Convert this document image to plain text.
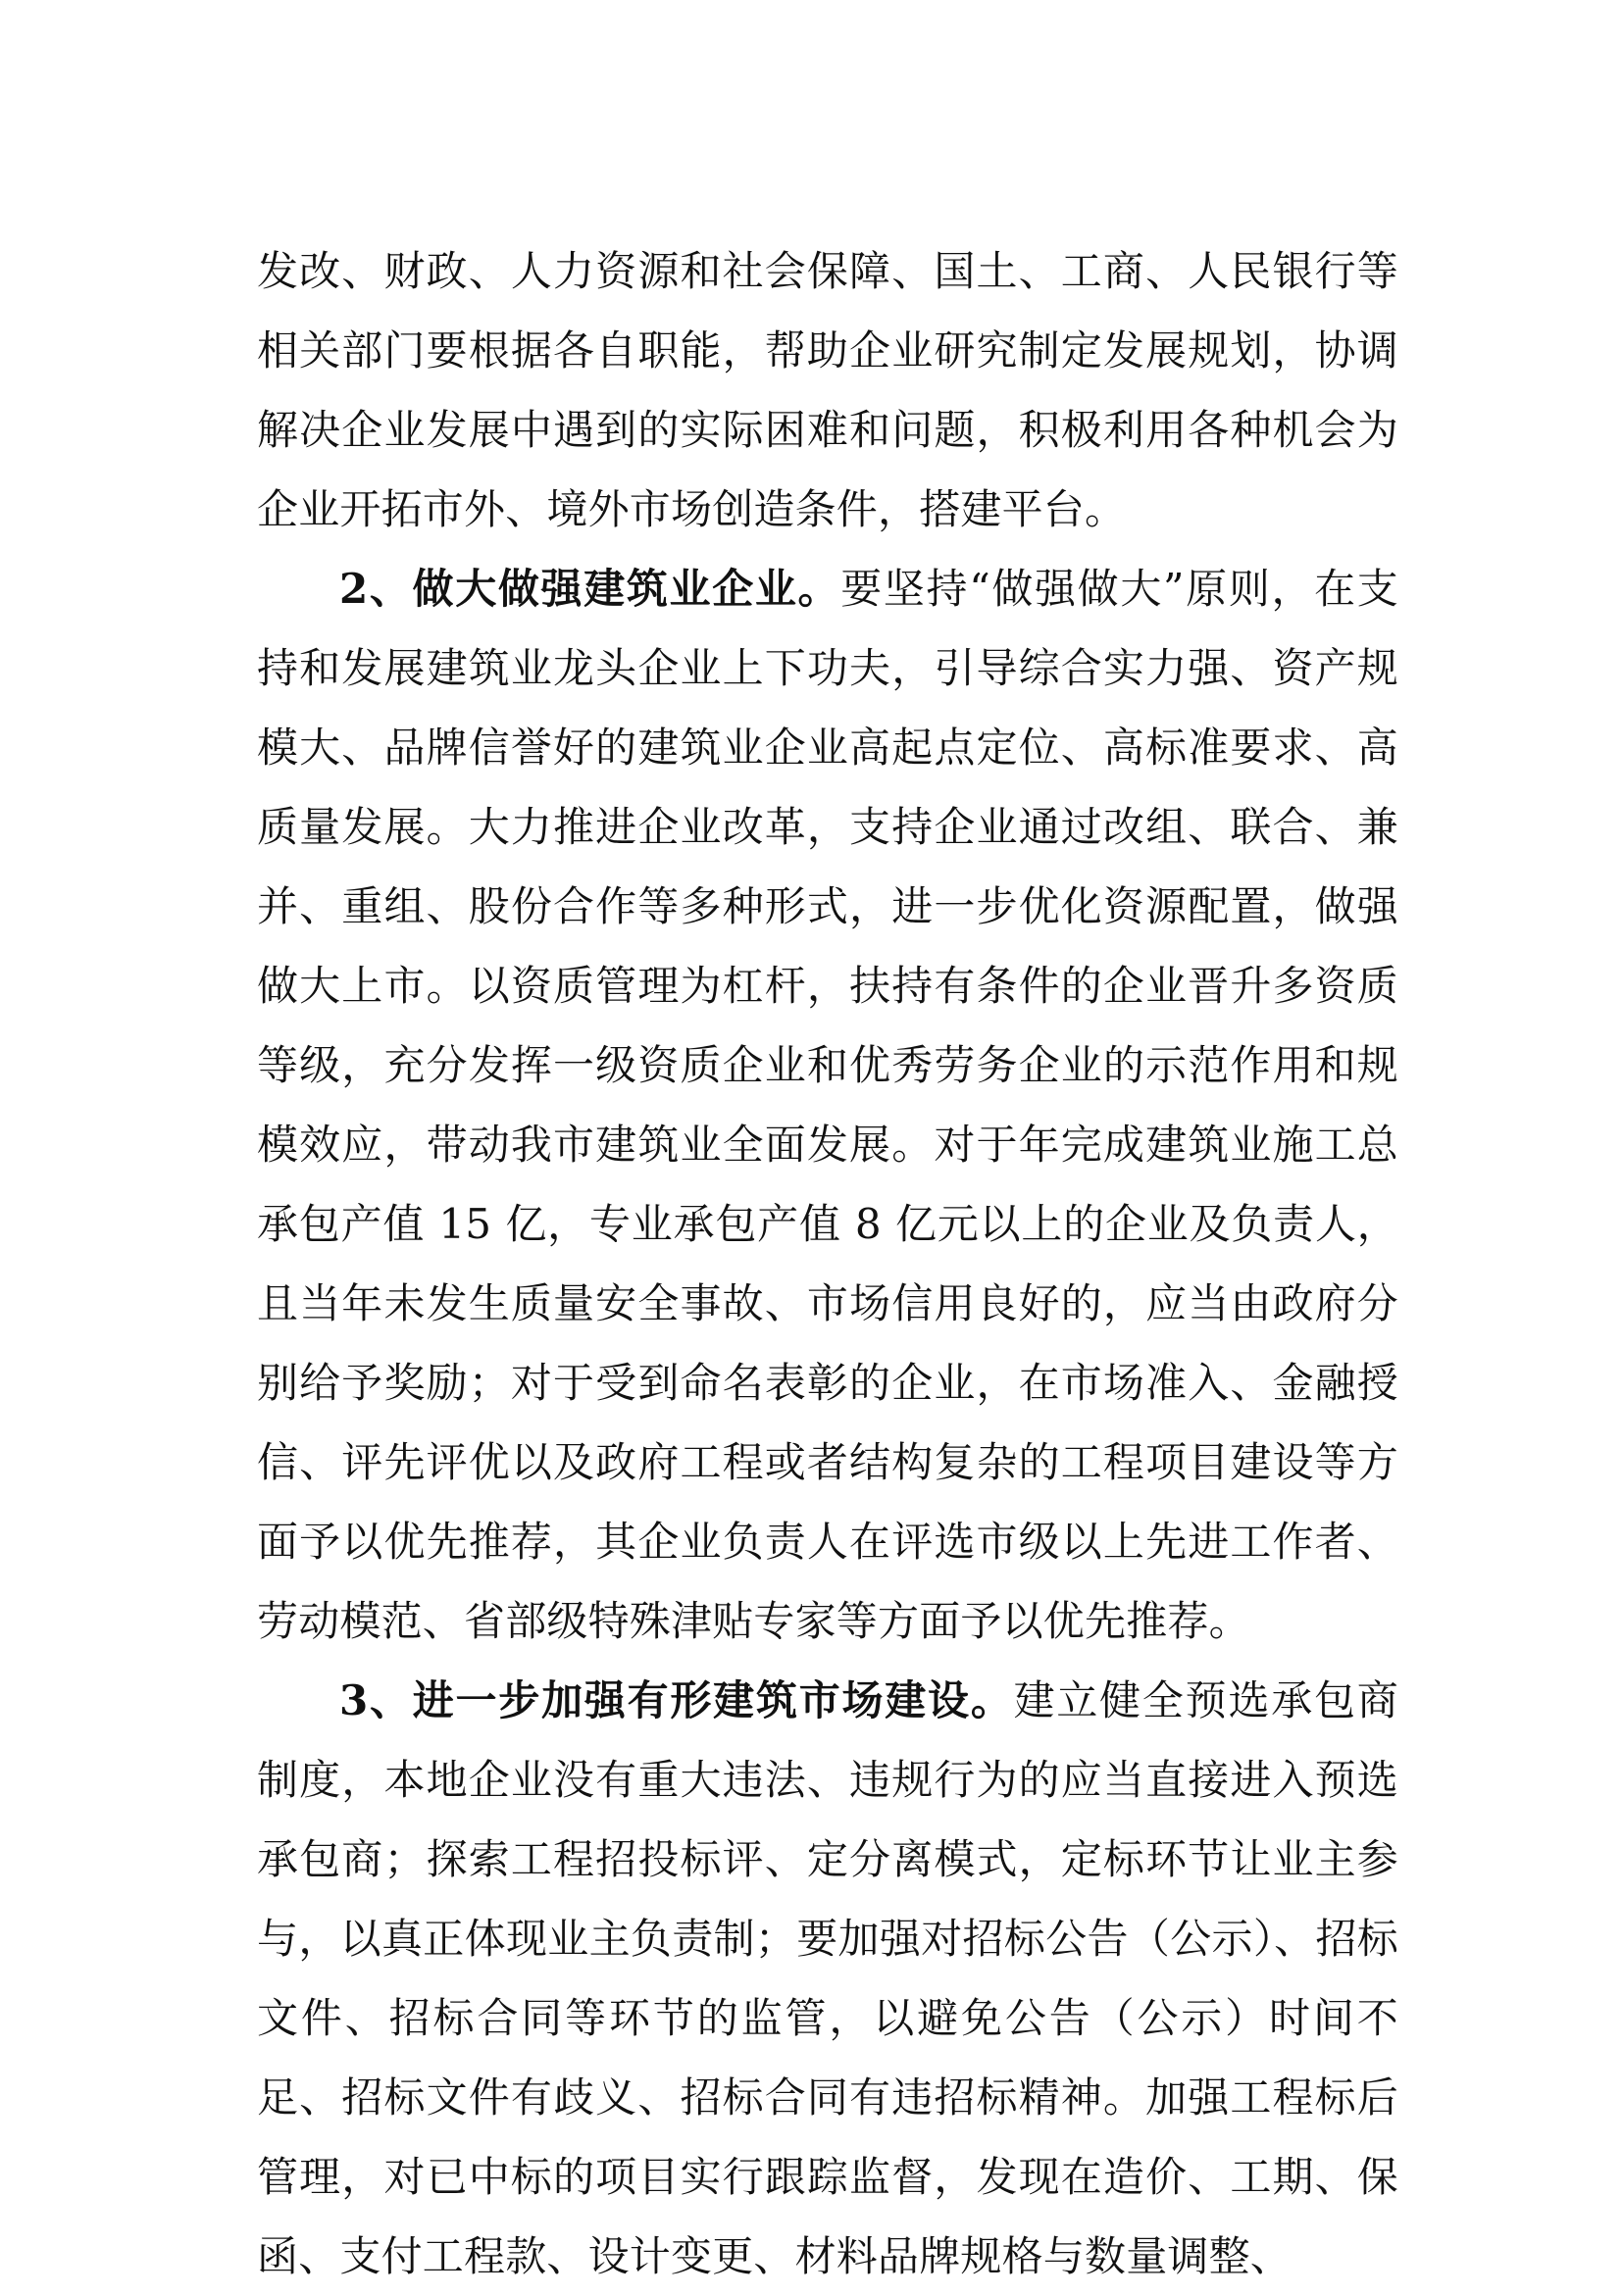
发改、财政、人力资源和社会保障、国土、工商、人民银行等相关部门要根据各自职能，帮助企业研究制定发展规划，协调解决企业发展中遇到的实际困难和问题，积极利用各种机会为企业开拓市外、境外市场创造条件，搭建平台。

2、做大做强建筑业企业。要坚持“做强做大”原则，在支持和发展建筑业龙头企业上下功夫，引导综合实力强、资产规模大、品牌信誉好的建筑业企业高起点定位、高标准要求、高质量发展。大力推进企业改革，支持企业通过改组、联合、兼并、重组、股份合作等多种形式，进一步优化资源配置，做强做大上市。以资质管理为杠杆，扶持有条件的企业晋升多资质等级，充分发挥一级资质企业和优秀劳务企业的示范作用和规模效应，带动我市建筑业全面发展。对于年完成建筑业施工总承包产值 15 亿，专业承包产值 8 亿元以上的企业及负责人，且当年未发生质量安全事故、市场信用良好的，应当由政府分别给予奖励；对于受到命名表彰的企业，在市场准入、金融授信、评先评优以及政府工程或者结构复杂的工程项目建设等方面予以优先推荐，其企业负责人在评选市级以上先进工作者、劳动模范、省部级特殊津贴专家等方面予以优先推荐。

3、进一步加强有形建筑市场建设。建立健全预选承包商制度，本地企业没有重大违法、违规行为的应当直接进入预选承包商；探索工程招投标评、定分离模式，定标环节让业主参与，以真正体现业主负责制；要加强对招标公告（公示）、招标文件、招标合同等环节的监管，以避免公告（公示）时间不足、招标文件有歧义、招标合同有违招标精神。加强工程标后管理，对已中标的项目实行跟踪监督，发现在造价、工期、保函、支付工程款、设计变更、材料品牌规格与数量调整、
